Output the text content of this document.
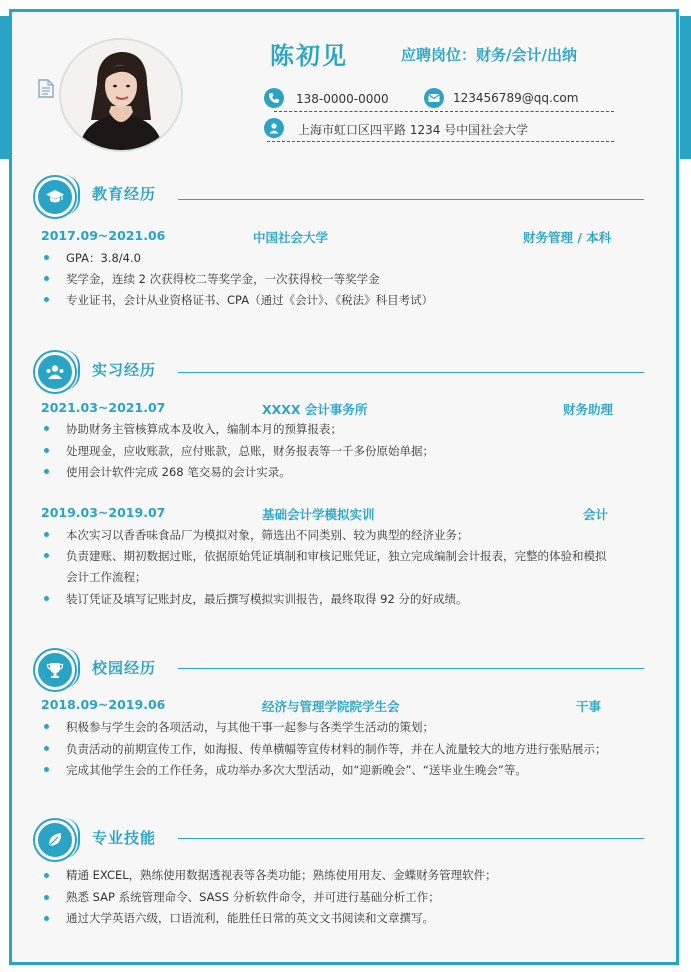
陈初见	应聘岗位：财务/会计/出纳
138-0000-0000	123456789@qq.com
上海市虹口区四平路 1234 号中国社会大学
教育经历
2017.09~2021.06	中国社会大学	财务管理 / 本科
GPA：3.8/4.0
奖学金，连续 2 次获得校二等奖学金，一次获得校一等奖学金
专业证书，会计从业资格证书、CPA（通过《会计》、《税法》科目考试）
实习经历
2021.03~2021.07	XXXX 会计事务所	财务助理
协助财务主管核算成本及收入，编制本月的预算报表；
处理现金，应收账款，应付账款，总账，财务报表等一千多份原始单据；
使用会计软件完成 268 笔交易的会计实录。
2019.03~2019.07	基础会计学模拟实训	会计
本次实习以香香味食品厂为模拟对象，筛选出不同类别、较为典型的经济业务；
负责建账、期初数据过账，依据原始凭证填制和审核记账凭证，独立完成编制会计报表，完整的体验和模拟
会计工作流程；
装订凭证及填写记账封皮，最后撰写模拟实训报告，最终取得 92 分的好成绩。
校园经历
2018.09~2019.06	经济与管理学院院学生会	干事
积极参与学生会的各项活动，与其他干事一起参与各类学生活动的策划；
负责活动的前期宣传工作，如海报、传单横幅等宣传材料的制作等，并在人流量较大的地方进行张贴展示；
完成其他学生会的工作任务，成功举办多次大型活动，如“迎新晚会”、“送毕业生晚会”等。
专业技能
精通 EXCEL，熟练使用数据透视表等各类功能；熟练使用用友、金蝶财务管理软件；
熟悉 SAP 系统管理命令、SASS 分析软件命令，并可进行基础分析工作；
通过大学英语六级，口语流利，能胜任日常的英文文书阅读和文章撰写。
